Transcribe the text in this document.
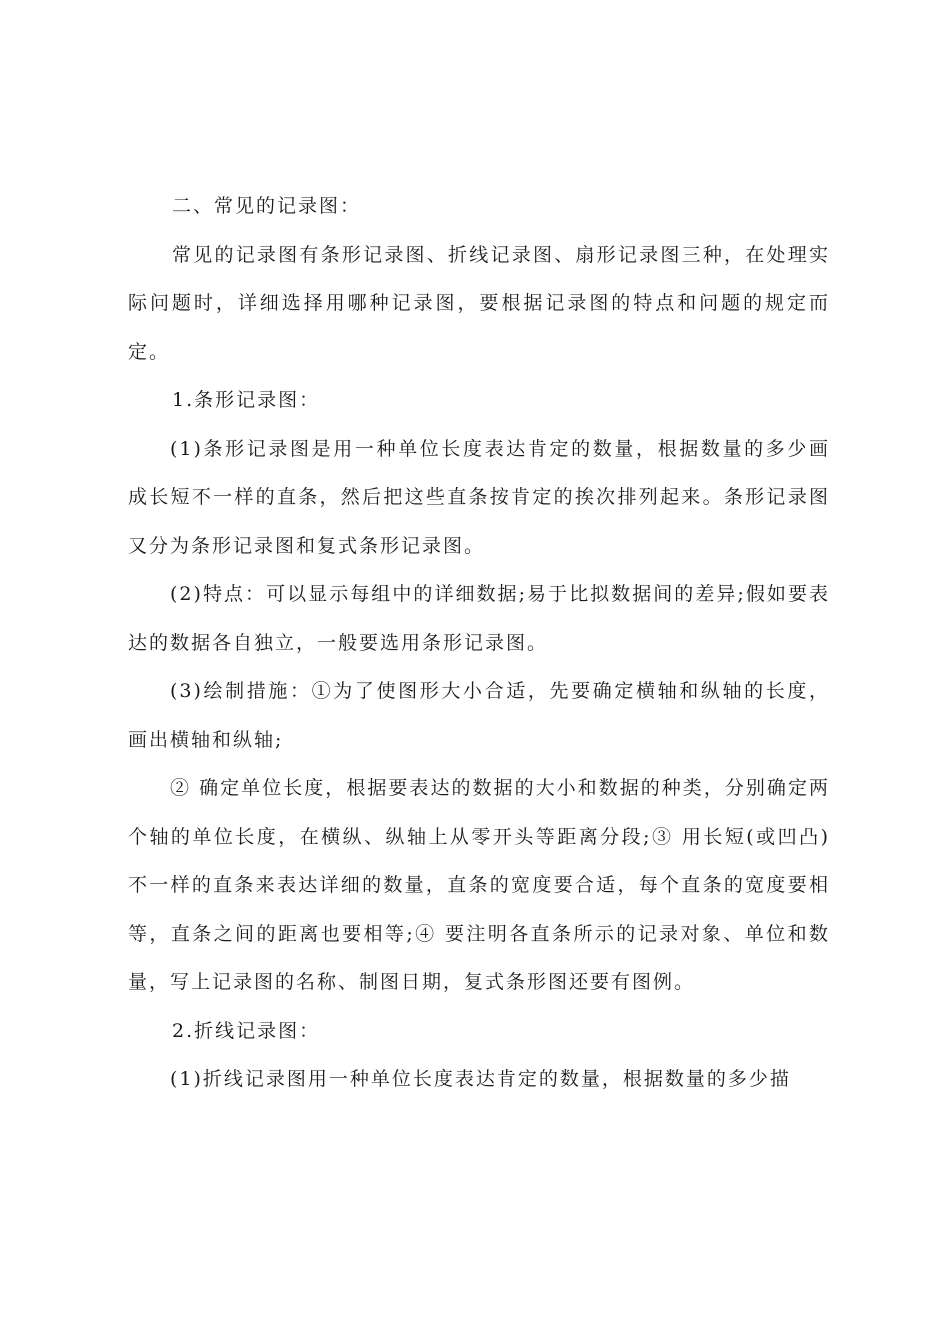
二、常见的记录图：

常见的记录图有条形记录图、折线记录图、扇形记录图三种，在处理实际问题时，详细选择用哪种记录图，要根据记录图的特点和问题的规定而定。

1.条形记录图：

(1)条形记录图是用一种单位长度表达肯定的数量，根据数量的多少画成长短不一样的直条，然后把这些直条按肯定的挨次排列起来。条形记录图又分为条形记录图和复式条形记录图。

(2)特点：可以显示每组中的详细数据;易于比拟数据间的差异;假如要表达的数据各自独立，一般要选用条形记录图。

(3)绘制措施：①为了使图形大小合适，先要确定横轴和纵轴的长度，画出横轴和纵轴;

② 确定单位长度，根据要表达的数据的大小和数据的种类，分别确定两个轴的单位长度，在横纵、纵轴上从零开头等距离分段;③ 用长短(或凹凸)不一样的直条来表达详细的数量，直条的宽度要合适，每个直条的宽度要相等，直条之间的距离也要相等;④ 要注明各直条所示的记录对象、单位和数量，写上记录图的名称、制图日期，复式条形图还要有图例。

2.折线记录图：

(1)折线记录图用一种单位长度表达肯定的数量，根据数量的多少描
